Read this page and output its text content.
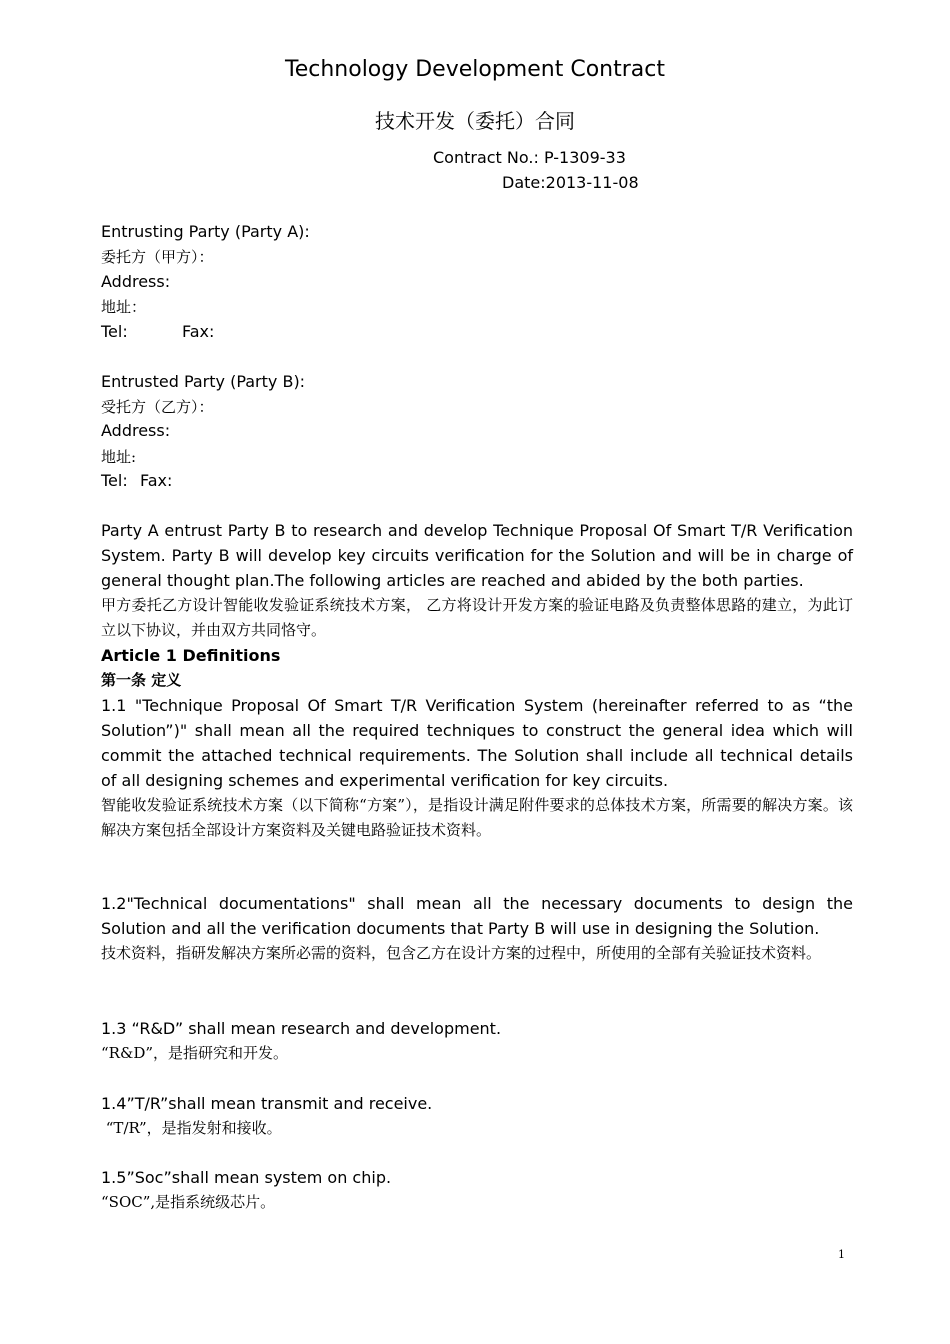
Technology Development Contract

技术开发（委托）合同

Contract No.: P-1309-33

Date:2013-11-08

Entrusting Party (Party A):

委托方（甲方）：

Address:

地址：

Tel:	Fax:

Entrusted Party (Party B):

受托方（乙方）：

Address:

地址:

Tel: Fax:

Party A entrust Party B to research and develop Technique Proposal Of Smart T/R Verification System. Party B will develop key circuits verification for the Solution and will be in charge of general thought plan.The following articles are reached and abided by the both parties.

甲方委托乙方设计智能收发验证系统技术方案， 乙方将设计开发方案的验证电路及负责整体思路的建立，为此订立以下协议，并由双方共同恪守。

Article 1 Definitions

第一条 定义

1.1 "Technique Proposal Of Smart T/R Verification System (hereinafter referred to as “the Solution”)" shall mean all the required techniques to construct the general idea which will commit the attached technical requirements. The Solution shall include all technical details of all designing schemes and experimental verification for key circuits.

智能收发验证系统技术方案（以下简称“方案”），是指设计满足附件要求的总体技术方案，所需要的解决方案。该解决方案包括全部设计方案资料及关键电路验证技术资料。

1.2"Technical documentations" shall mean all the necessary documents to design the Solution and all the verification documents that Party B will use in designing the Solution.

技术资料，指研发解决方案所必需的资料，包含乙方在设计方案的过程中，所使用的全部有关验证技术资料。

1.3 “R&D” shall mean research and development.

“R&D”，是指研究和开发。

1.4”T/R”shall mean transmit and receive.

“T/R”，是指发射和接收。

1.5”Soc”shall mean system on chip.

“SOC”,是指系统级芯片。

1
